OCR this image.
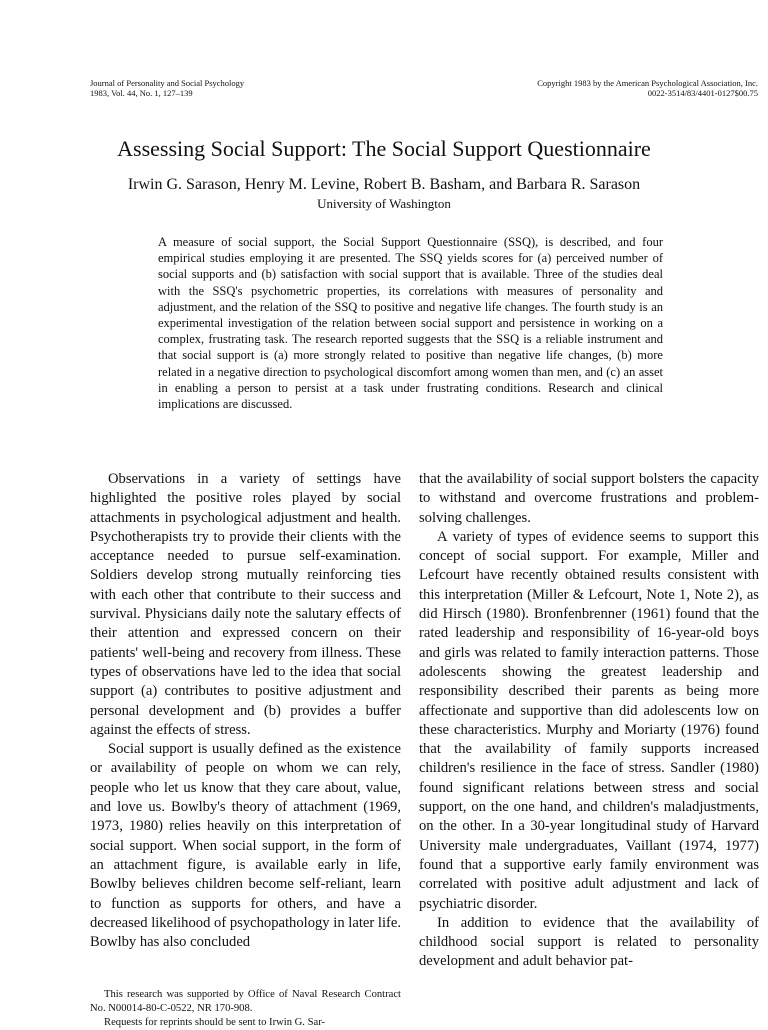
Journal of Personality and Social Psychology
1983, Vol. 44, No. 1, 127–139
Copyright 1983 by the American Psychological Association, Inc.
0022-3514/83/4401-0127$00.75
Assessing Social Support: The Social Support Questionnaire
Irwin G. Sarason, Henry M. Levine, Robert B. Basham, and Barbara R. Sarason
University of Washington

A measure of social support, the Social Support Questionnaire (SSQ), is described, and four empirical studies employing it are presented. The SSQ yields scores for (a) perceived number of social supports and (b) satisfaction with social support that is available. Three of the studies deal with the SSQ's psychometric properties, its correlations with measures of personality and adjustment, and the relation of the SSQ to positive and negative life changes. The fourth study is an experimental investigation of the relation between social support and persistence in working on a complex, frustrating task. The research reported suggests that the SSQ is a reliable instrument and that social support is (a) more strongly related to positive than negative life changes, (b) more related in a negative direction to psychological discomfort among women than men, and (c) an asset in enabling a person to persist at a task under frustrating conditions. Research and clinical implications are discussed.

Observations in a variety of settings have highlighted the positive roles played by social attachments in psychological adjustment and health. Psychotherapists try to provide their clients with the acceptance needed to pursue self-examination. Soldiers develop strong mutually reinforcing ties with each other that contribute to their success and survival. Physicians daily note the salutary effects of their attention and expressed concern on their patients' well-being and recovery from illness. These types of observations have led to the idea that social support (a) contributes to positive adjustment and personal development and (b) provides a buffer against the effects of stress.

Social support is usually defined as the existence or availability of people on whom we can rely, people who let us know that they care about, value, and love us. Bowlby's theory of attachment (1969, 1973, 1980) relies heavily on this interpretation of social support. When social support, in the form of an attachment figure, is available early in life, Bowlby believes children become self-reliant, learn to function as supports for others, and have a decreased likelihood of psychopathology in later life. Bowlby has also concluded

that the availability of social support bolsters the capacity to withstand and overcome frustrations and problem-solving challenges.

A variety of types of evidence seems to support this concept of social support. For example, Miller and Lefcourt have recently obtained results consistent with this interpretation (Miller & Lefcourt, Note 1, Note 2), as did Hirsch (1980). Bronfenbrenner (1961) found that the rated leadership and responsibility of 16-year-old boys and girls was related to family interaction patterns. Those adolescents showing the greatest leadership and responsibility described their parents as being more affectionate and supportive than did adolescents low on these characteristics. Murphy and Moriarty (1976) found that the availability of family supports increased children's resilience in the face of stress. Sandler (1980) found significant relations between stress and social support, on the one hand, and children's maladjustments, on the other. In a 30-year longitudinal study of Harvard University male undergraduates, Vaillant (1974, 1977) found that a supportive early family environment was correlated with positive adult adjustment and lack of psychiatric disorder.

In addition to evidence that the availability of childhood social support is related to personality development and adult behavior pat-

This research was supported by Office of Naval Research Contract No. N00014-80-C-0522, NR 170-908.

Requests for reprints should be sent to Irwin G. Sar-
